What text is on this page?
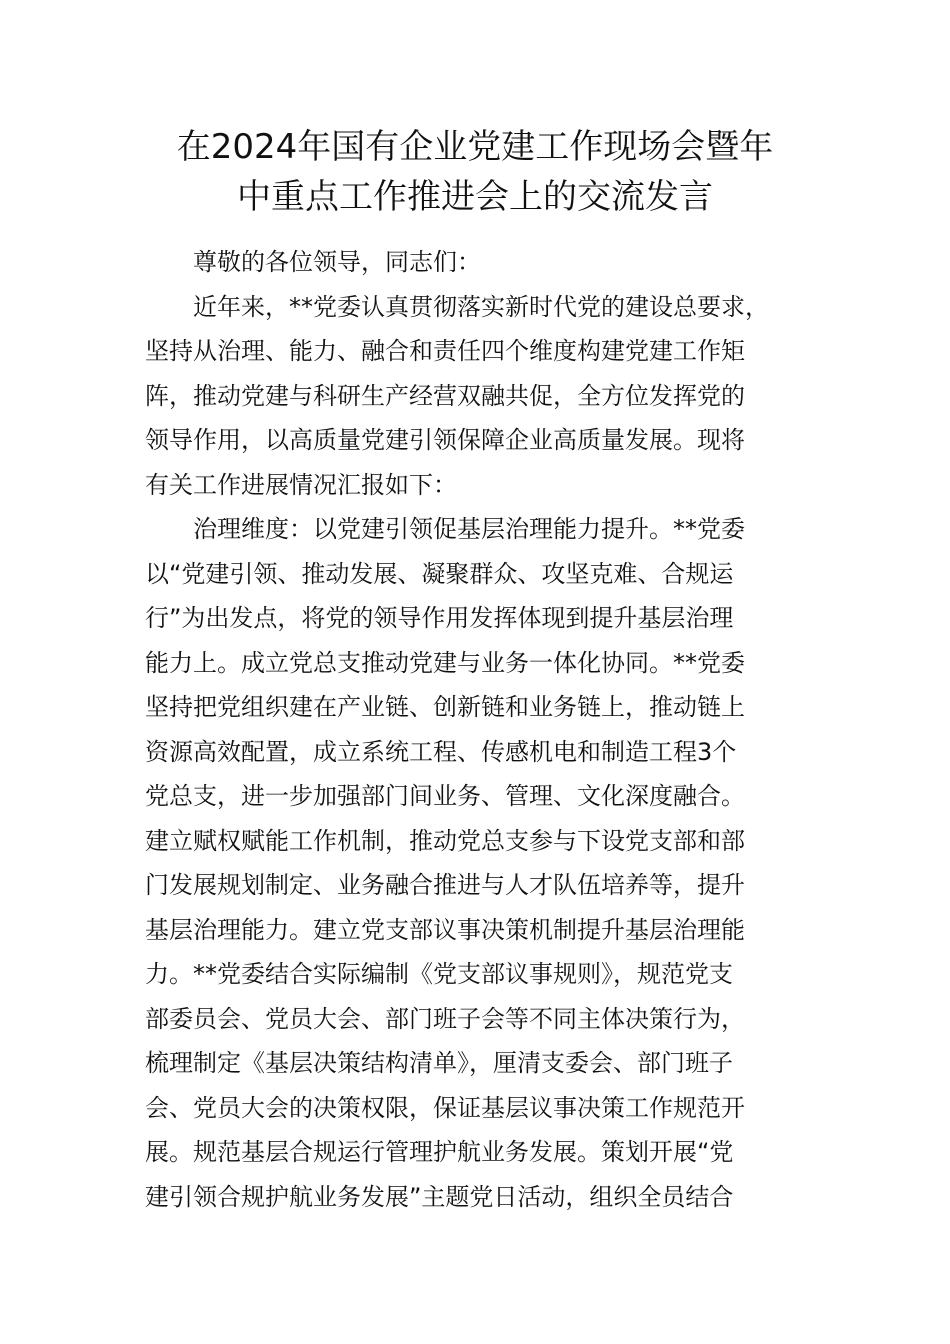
在2024年国有企业党建工作现场会暨年
中重点工作推进会上的交流发言
尊敬的各位领导，同志们：
近年来，**党委认真贯彻落实新时代党的建设总要求，
坚持从治理、能力、融合和责任四个维度构建党建工作矩
阵，推动党建与科研生产经营双融共促，全方位发挥党的
领导作用，以高质量党建引领保障企业高质量发展。现将
有关工作进展情况汇报如下：
治理维度：以党建引领促基层治理能力提升。**党委
以“党建引领、推动发展、凝聚群众、攻坚克难、合规运
行”为出发点，将党的领导作用发挥体现到提升基层治理
能力上。成立党总支推动党建与业务一体化协同。**党委
坚持把党组织建在产业链、创新链和业务链上，推动链上
资源高效配置，成立系统工程、传感机电和制造工程3个
党总支，进一步加强部门间业务、管理、文化深度融合。
建立赋权赋能工作机制，推动党总支参与下设党支部和部
门发展规划制定、业务融合推进与人才队伍培养等，提升
基层治理能力。建立党支部议事决策机制提升基层治理能
力。**党委结合实际编制《党支部议事规则》，规范党支
部委员会、党员大会、部门班子会等不同主体决策行为，
梳理制定《基层决策结构清单》，厘清支委会、部门班子
会、党员大会的决策权限，保证基层议事决策工作规范开
展。规范基层合规运行管理护航业务发展。策划开展“党
建引领合规护航业务发展”主题党日活动，组织全员结合
